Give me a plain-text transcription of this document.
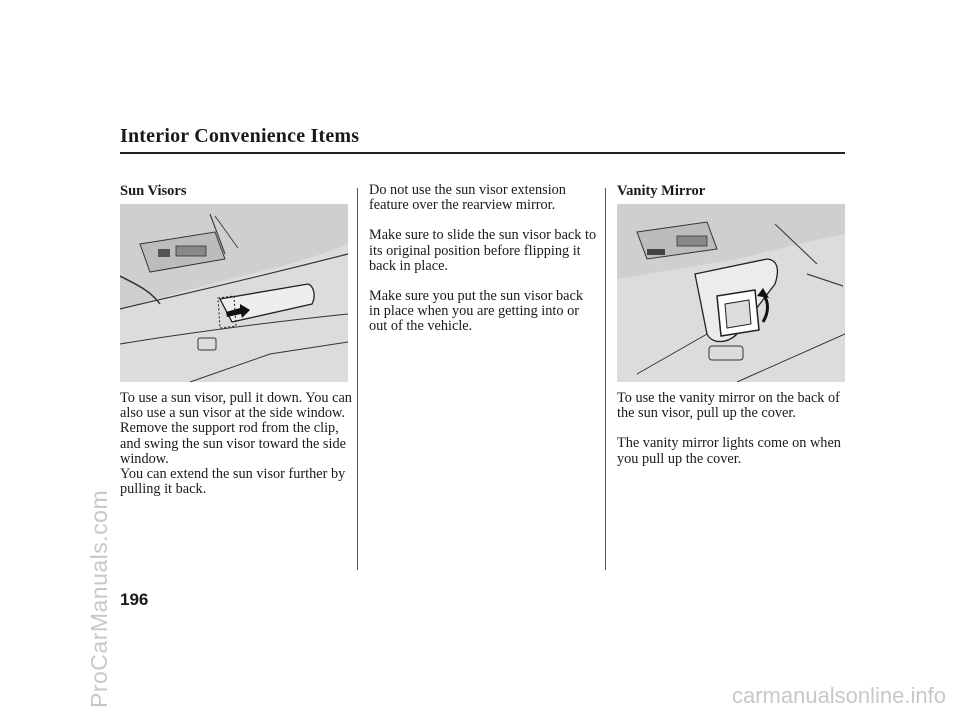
Interior Convenience Items
Sun Visors

To use a sun visor, pull it down. You can also use a sun visor at the side window. Remove the support rod from the clip, and swing the sun visor toward the side window.

You can extend the sun visor further by pulling it back.

Do not use the sun visor extension feature over the rearview mirror.

Make sure to slide the sun visor back to its original position before flipping it back in place.

Make sure you put the sun visor back in place when you are getting into or out of the vehicle.

Vanity Mirror

To use the vanity mirror on the back of the sun visor, pull up the cover.

The vanity mirror lights come on when you pull up the cover.

196
ProCarManuals.com	carmanualsonline.info
